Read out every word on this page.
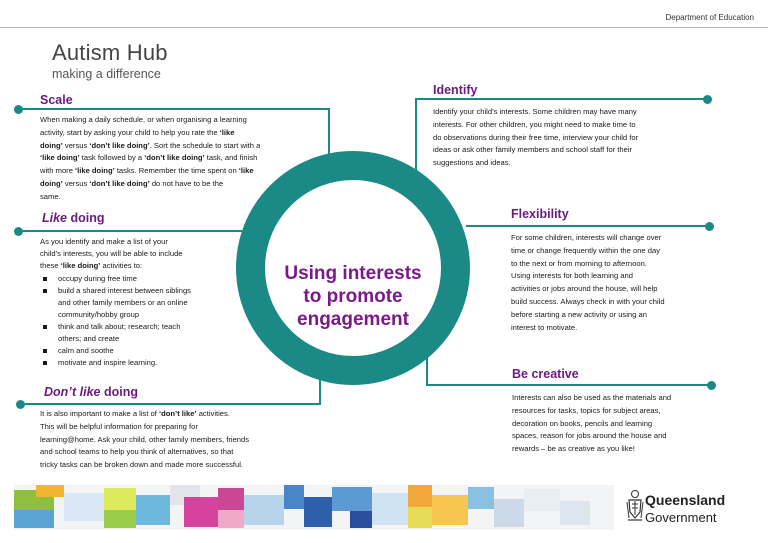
Department of Education
Autism Hub
making a difference
Using interests
to promote
engagement
Scale
When making a daily schedule, or when organising a learning
activity, start by asking your child to help you rate the ‘like
doing’ versus ‘don’t like doing’. Sort the schedule to start with a
‘like doing’ task followed by a ‘don’t like doing’ task, and finish
with more ‘like doing’ tasks. Remember the time spent on ‘like
doing’ versus ‘don’t like doing’ do not have to be the
same.
Like doing
As you identify and make a list of your
child’s interests, you will be able to include
these ‘like doing’ activities to:
occupy during free time
build a shared interest between siblings
and other family members or an online
community/hobby group
think and talk about; research; teach
others; and create
calm and soothe
motivate and inspire learning.
Don’t like doing
It is also important to make a list of ‘don’t like’ activities.
This will be helpful information for preparing for
learning@home. Ask your child, other family members, friends
and school teams to help you think of alternatives, so that
tricky tasks can be broken down and made more successful.
Identify
Identify your child’s interests. Some children may have many
interests. For other children, you might need to make time to
do observations during their free time, interview your child for
ideas or ask other family members and school staff for their
suggestions and ideas.
Flexibility
For some children, interests will change over
time or change frequently within the one day
to the next or from morning to afternoon.
Using interests for both learning and
activities or jobs around the house, will help
build success. Always check in with your child
before starting a new activity or using an
interest to motivate.
Be creative
Interests can also be used as the materials and
resources for tasks, topics for subject areas,
decoration on books, pencils and learning
spaces, reason for jobs around the house and
rewards – be as creative as you like!
Queensland
Government
